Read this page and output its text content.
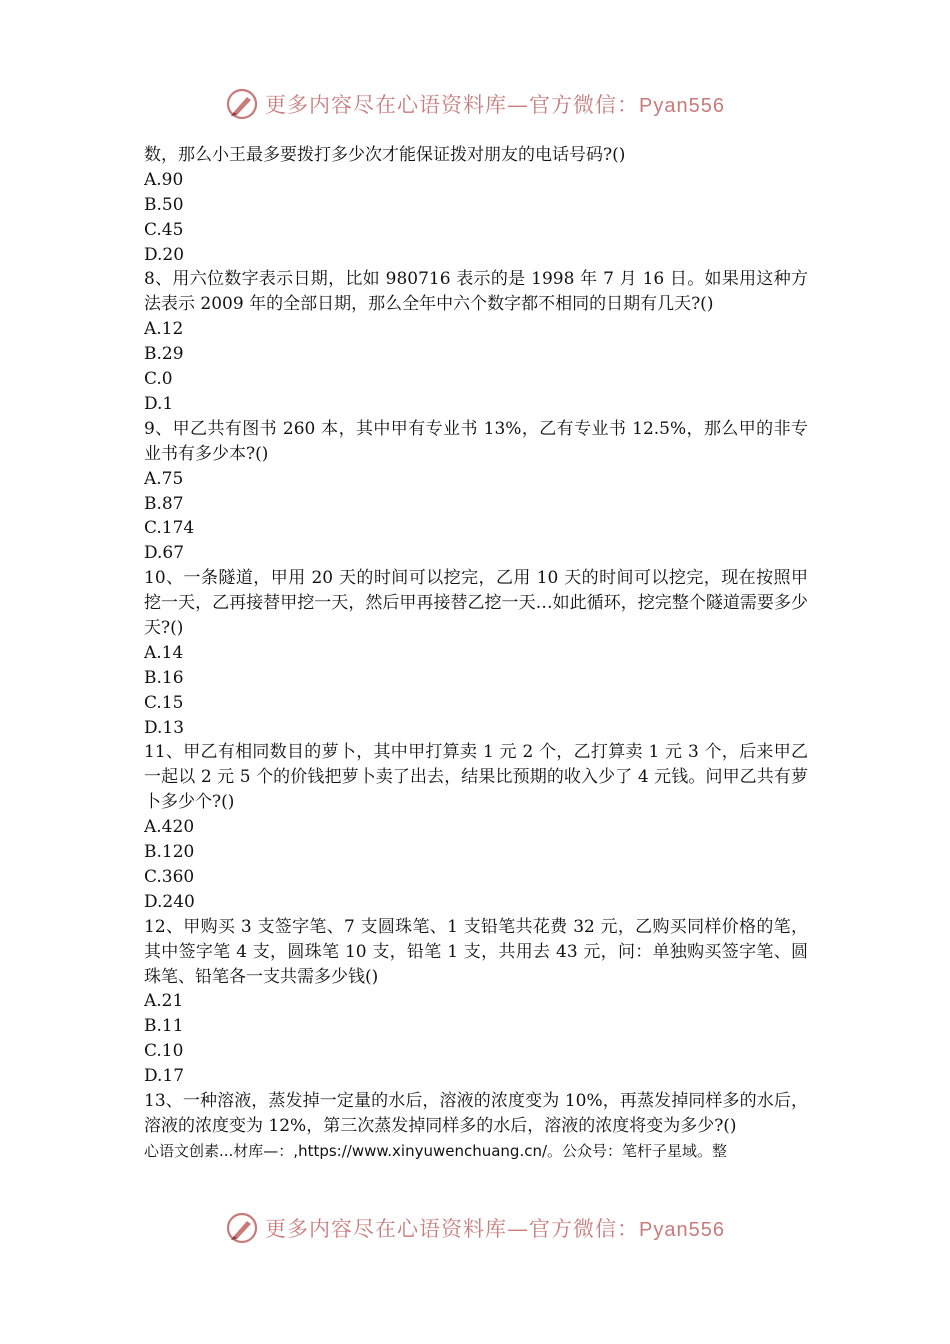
更多内容尽在心语资料库—官方微信：Pyan556
数，那么小王最多要拨打多少次才能保证拨对朋友的电话号码?()
A.90
B.50
C.45
D.20
8、用六位数字表示日期，比如 980716 表示的是 1998 年 7 月 16 日。如果用这种方法表示 2009 年的全部日期，那么全年中六个数字都不相同的日期有几天?()
A.12
B.29
C.0
D.1
9、甲乙共有图书 260 本，其中甲有专业书 13%，乙有专业书 12.5%，那么甲的非专业书有多少本?()
A.75
B.87
C.174
D.67
10、一条隧道，甲用 20 天的时间可以挖完，乙用 10 天的时间可以挖完，现在按照甲挖一天，乙再接替甲挖一天，然后甲再接替乙挖一天…如此循环，挖完整个隧道需要多少天?()
A.14
B.16
C.15
D.13
11、甲乙有相同数目的萝卜，其中甲打算卖 1 元 2 个，乙打算卖 1 元 3 个，后来甲乙一起以 2 元 5 个的价钱把萝卜卖了出去，结果比预期的收入少了 4 元钱。问甲乙共有萝卜多少个?()
A.420
B.120
C.360
D.240
12、甲购买 3 支签字笔、7 支圆珠笔、1 支铅笔共花费 32 元，乙购买同样价格的笔，其中签字笔 4 支，圆珠笔 10 支，铅笔 1 支，共用去 43 元，问：单独购买签字笔、圆珠笔、铅笔各一支共需多少钱()
A.21
B.11
C.10
D.17
13、一种溶液，蒸发掉一定量的水后，溶液的浓度变为 10%，再蒸发掉同样多的水后，溶液的浓度变为 12%，第三次蒸发掉同样多的水后，溶液的浓度将变为多少?()
心语文创素...材库—：,https://www.xinyuwenchuang.cn/。公众号：笔杆子星域。整
更多内容尽在心语资料库—官方微信：Pyan556
